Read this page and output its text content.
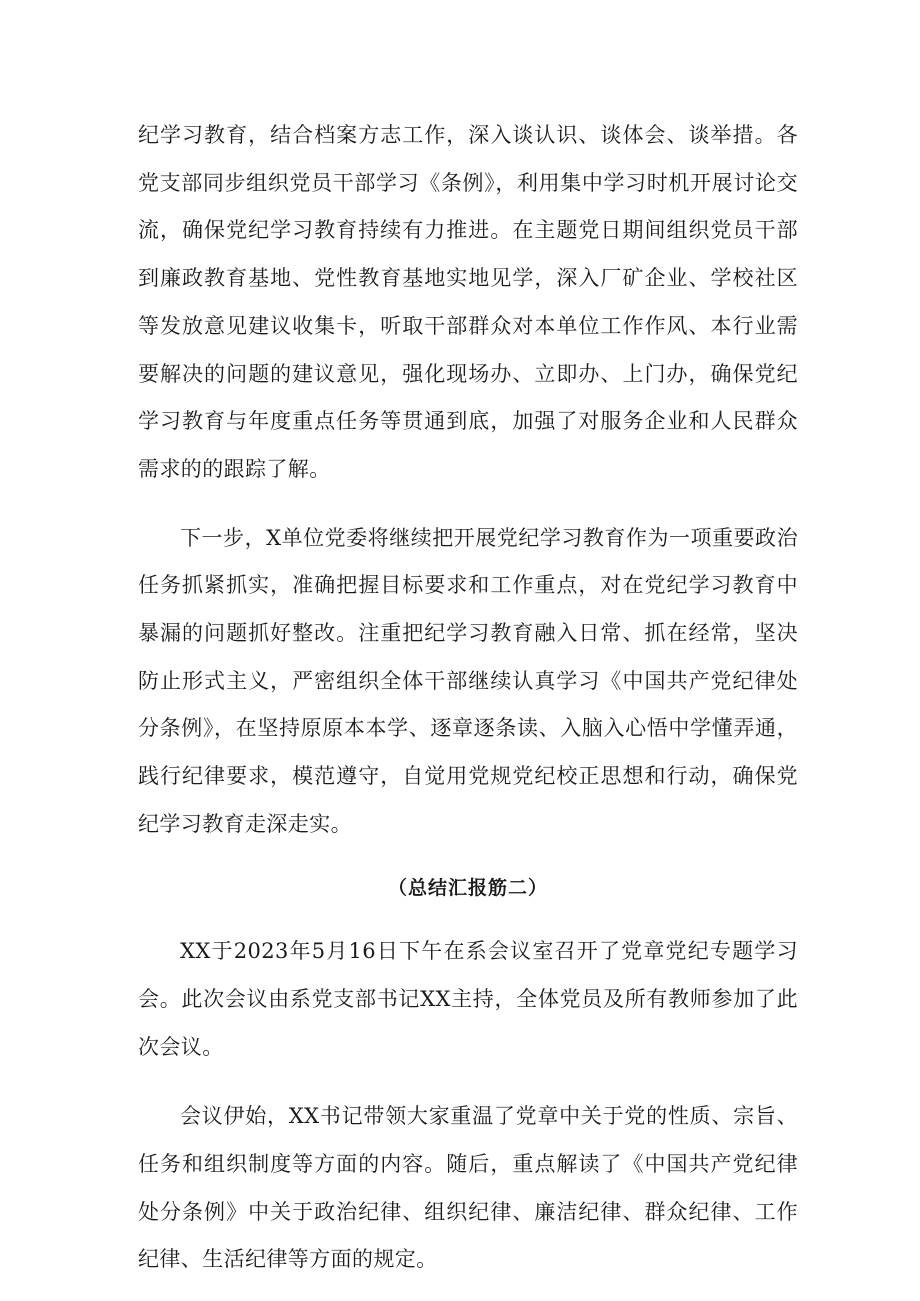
纪学习教育，结合档案方志工作，深入谈认识、谈体会、谈举措。各党支部同步组织党员干部学习《条例》，利用集中学习时机开展讨论交流，确保党纪学习教育持续有力推进。在主题党日期间组织党员干部到廉政教育基地、党性教育基地实地见学，深入厂矿企业、学校社区等发放意见建议收集卡，听取干部群众对本单位工作作风、本行业需要解决的问题的建议意见，强化现场办、立即办、上门办，确保党纪学习教育与年度重点任务等贯通到底，加强了对服务企业和人民群众需求的的跟踪了解。

下一步，X单位党委将继续把开展党纪学习教育作为一项重要政治任务抓紧抓实，准确把握目标要求和工作重点，对在党纪学习教育中暴漏的问题抓好整改。注重把纪学习教育融入日常、抓在经常，坚决防止形式主义，严密组织全体干部继续认真学习《中国共产党纪律处分条例》，在坚持原原本本学、逐章逐条读、入脑入心悟中学懂弄通，践行纪律要求，模范遵守，自觉用党规党纪校正思想和行动，确保党纪学习教育走深走实。

（总结汇报筋二）

XX于2023年5月16日下午在系会议室召开了党章党纪专题学习会。此次会议由系党支部书记XX主持，全体党员及所有教师参加了此次会议。

会议伊始，XX书记带领大家重温了党章中关于党的性质、宗旨、任务和组织制度等方面的内容。随后，重点解读了《中国共产党纪律处分条例》中关于政治纪律、组织纪律、廉洁纪律、群众纪律、工作纪律、生活纪律等方面的规定。
